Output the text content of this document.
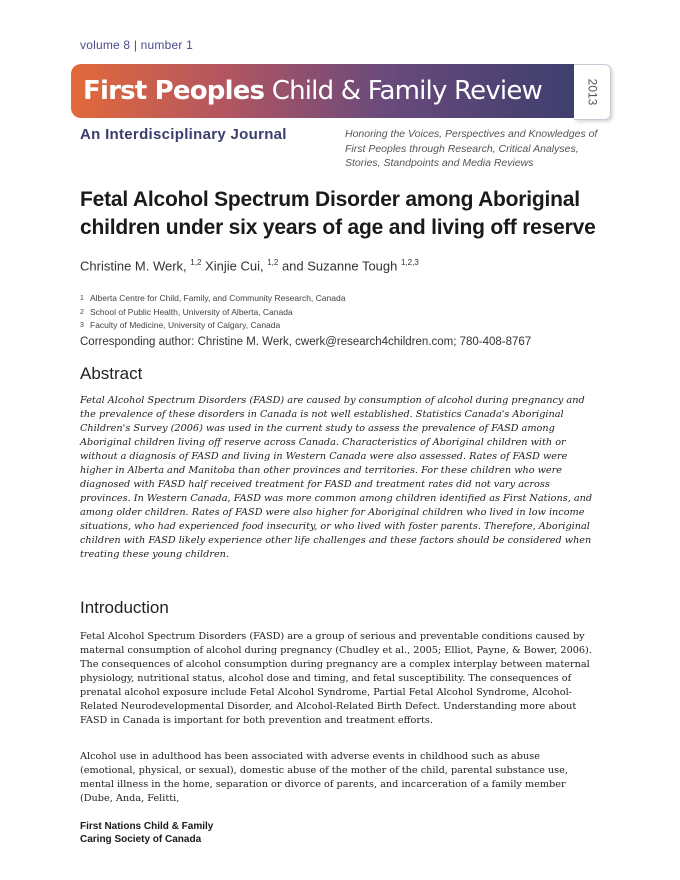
volume 8 | number 1
First Peoples Child & Family Review	2013
An Interdisciplinary Journal	Honoring the Voices, Perspectives and Knowledges of First Peoples through Research, Critical Analyses, Stories, Standpoints and Media Reviews
Fetal Alcohol Spectrum Disorder among Aboriginal children under six years of age and living off reserve
Christine M. Werk, $^{1,2}$ Xinjie Cui, $^{1,2}$ and Suzanne Tough $^{1,2,3}$
1 Alberta Centre for Child, Family, and Community Research, Canada
2 School of Public Health, University of Alberta, Canada
3 Faculty of Medicine, University of Calgary, Canada
Corresponding author: Christine M. Werk, cwerk@research4children.com; 780-408-8767
Abstract

Fetal Alcohol Spectrum Disorders (FASD) are caused by consumption of alcohol during pregnancy and the prevalence of these disorders in Canada is not well established. Statistics Canada's Aboriginal Children's Survey (2006) was used in the current study to assess the prevalence of FASD among Aboriginal children living off reserve across Canada. Characteristics of Aboriginal children with or without a diagnosis of FASD and living in Western Canada were also assessed. Rates of FASD were higher in Alberta and Manitoba than other provinces and territories. For these children who were diagnosed with FASD half received treatment for FASD and treatment rates did not vary across provinces. In Western Canada, FASD was more common among children identified as First Nations, and among older children. Rates of FASD were also higher for Aboriginal children who lived in low income situations, who had experienced food insecurity, or who lived with foster parents. Therefore, Aboriginal children with FASD likely experience other life challenges and these factors should be considered when treating these young children.

Introduction

Fetal Alcohol Spectrum Disorders (FASD) are a group of serious and preventable conditions caused by maternal consumption of alcohol during pregnancy (Chudley et al., 2005; Elliot, Payne, & Bower, 2006). The consequences of alcohol consumption during pregnancy are a complex interplay between maternal physiology, nutritional status, alcohol dose and timing, and fetal susceptibility. The consequences of prenatal alcohol exposure include Fetal Alcohol Syndrome, Partial Fetal Alcohol Syndrome, Alcohol-Related Neurodevelopmental Disorder, and Alcohol-Related Birth Defect. Understanding more about FASD in Canada is important for both prevention and treatment efforts.

Alcohol use in adulthood has been associated with adverse events in childhood such as abuse (emotional, physical, or sexual), domestic abuse of the mother of the child, parental substance use, mental illness in the home, separation or divorce of parents, and incarceration of a family member (Dube, Anda, Felitti,

First Nations Child & Family
Caring Society of Canada
